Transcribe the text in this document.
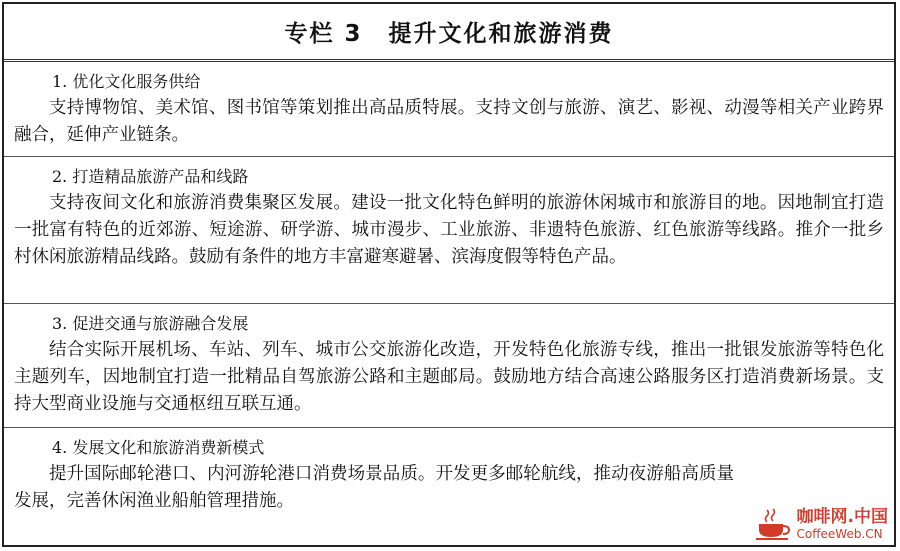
专栏 3 提升文化和旅游消费
1. 优化文化服务供给

支持博物馆、美术馆、图书馆等策划推出高品质特展。支持文创与旅游、演艺、影视、动漫等相关产业跨界融合，延伸产业链条。

2. 打造精品旅游产品和线路

支持夜间文化和旅游消费集聚区发展。建设一批文化特色鲜明的旅游休闲城市和旅游目的地。因地制宜打造一批富有特色的近郊游、短途游、研学游、城市漫步、工业旅游、非遗特色旅游、红色旅游等线路。推介一批乡村休闲旅游精品线路。鼓励有条件的地方丰富避寒避暑、滨海度假等特色产品。

3. 促进交通与旅游融合发展

结合实际开展机场、车站、列车、城市公交旅游化改造，开发特色化旅游专线，推出一批银发旅游等特色化主题列车，因地制宜打造一批精品自驾旅游公路和主题邮局。鼓励地方结合高速公路服务区打造消费新场景。支持大型商业设施与交通枢纽互联互通。

4. 发展文化和旅游消费新模式

提升国际邮轮港口、内河游轮港口消费场景品质。开发更多邮轮航线，推动夜游船高质量发展，完善休闲渔业船舶管理措施。

咖啡网.中国
CoffeeWeb.CN
